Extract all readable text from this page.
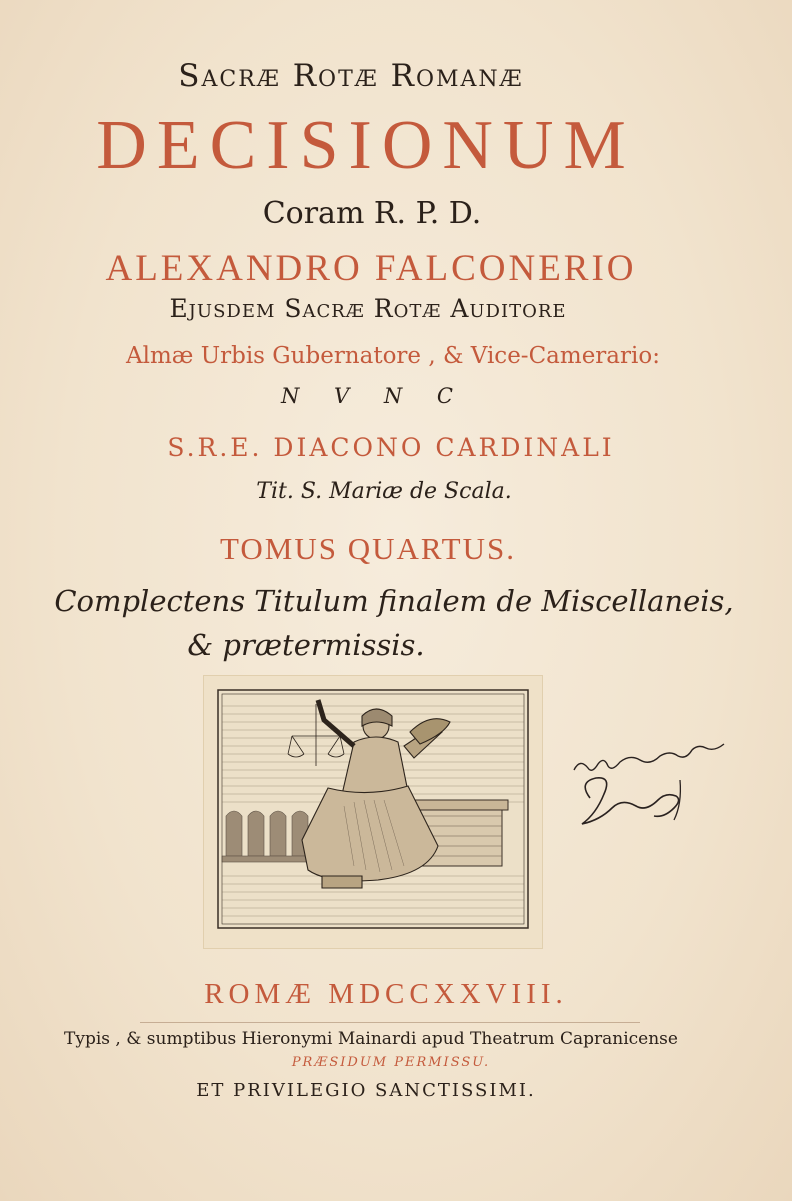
Sacræ Rotæ Romanæ
DECISIONUM
Coram R. P. D.
ALEXANDRO FALCONERIO
Ejusdem Sacræ Rotæ Auditore
Almæ Urbis Gubernatore , & Vice-Camerario:
N V N C
S.R.E. DIACONO CARDINALI
Tit. S. Mariæ de Scala.
TOMUS QUARTUS.
Complectens Titulum finalem de Miscellaneis,
& prætermissis.
ROMÆ MDCCXXVIII.
Typis , & sumptibus Hieronymi Mainardi apud Theatrum Capranicense
PRÆSIDUM PERMISSU.
ET PRIVILEGIO SANCTISSIMI.
